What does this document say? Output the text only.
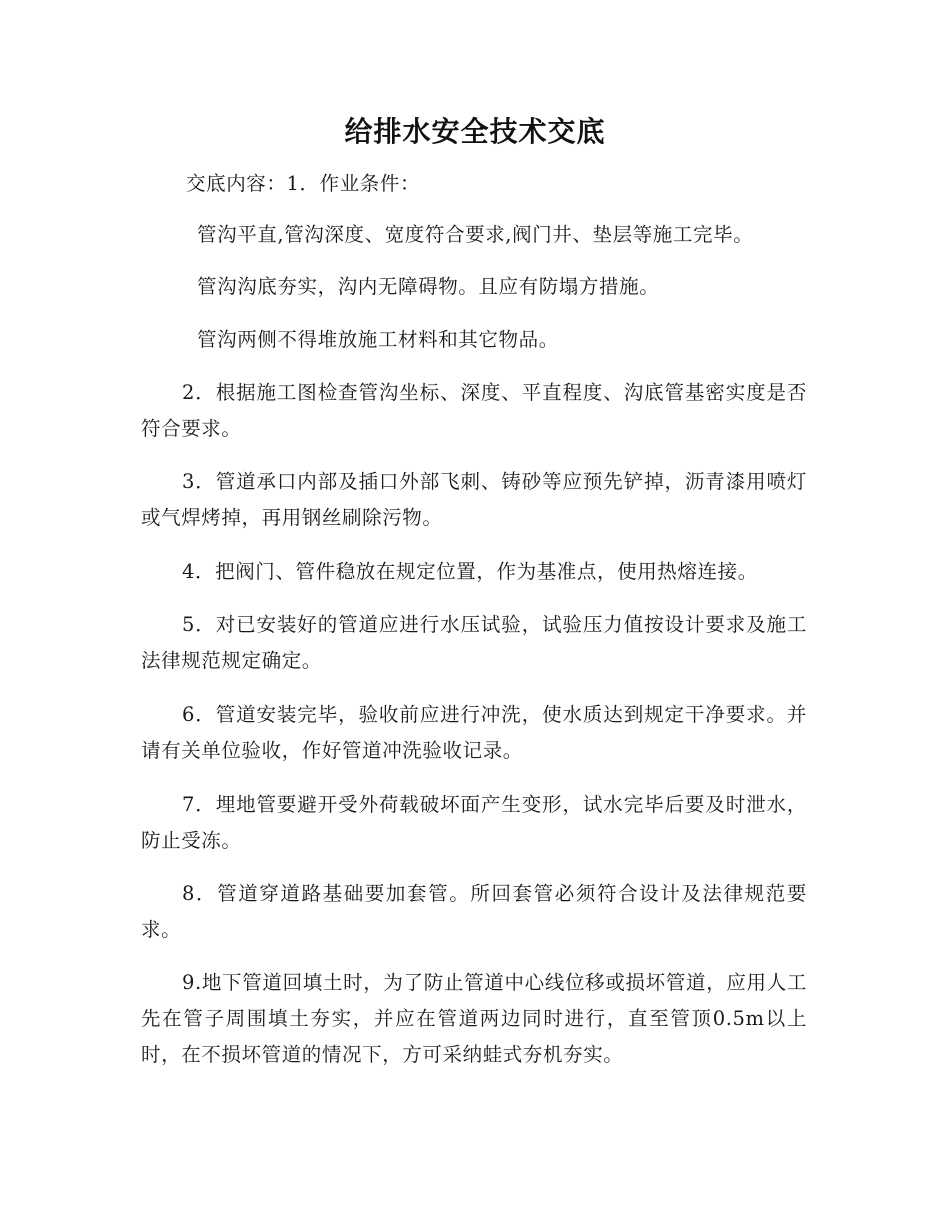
给排水安全技术交底
交底内容：1．作业条件：
管沟平直,管沟深度、宽度符合要求,阀门井、垫层等施工完毕。
管沟沟底夯实，沟内无障碍物。且应有防塌方措施。
管沟两侧不得堆放施工材料和其它物品。
2．根据施工图检查管沟坐标、深度、平直程度、沟底管基密实度是否符合要求。
3．管道承口内部及插口外部飞刺、铸砂等应预先铲掉，沥青漆用喷灯或气焊烤掉，再用钢丝刷除污物。
4．把阀门、管件稳放在规定位置，作为基准点，使用热熔连接。
5．对已安装好的管道应进行水压试验，试验压力值按设计要求及施工法律规范规定确定。
6．管道安装完毕，验收前应进行冲洗，使水质达到规定干净要求。并请有关单位验收，作好管道冲洗验收记录。
7．埋地管要避开受外荷载破坏面产生变形，试水完毕后要及时泄水，防止受冻。
8．管道穿道路基础要加套管。所回套管必须符合设计及法律规范要求。
9.地下管道回填土时，为了防止管道中心线位移或损坏管道，应用人工先在管子周围填土夯实，并应在管道两边同时进行，直至管顶0.5m以上时，在不损坏管道的情况下，方可采纳蛙式夯机夯实。
